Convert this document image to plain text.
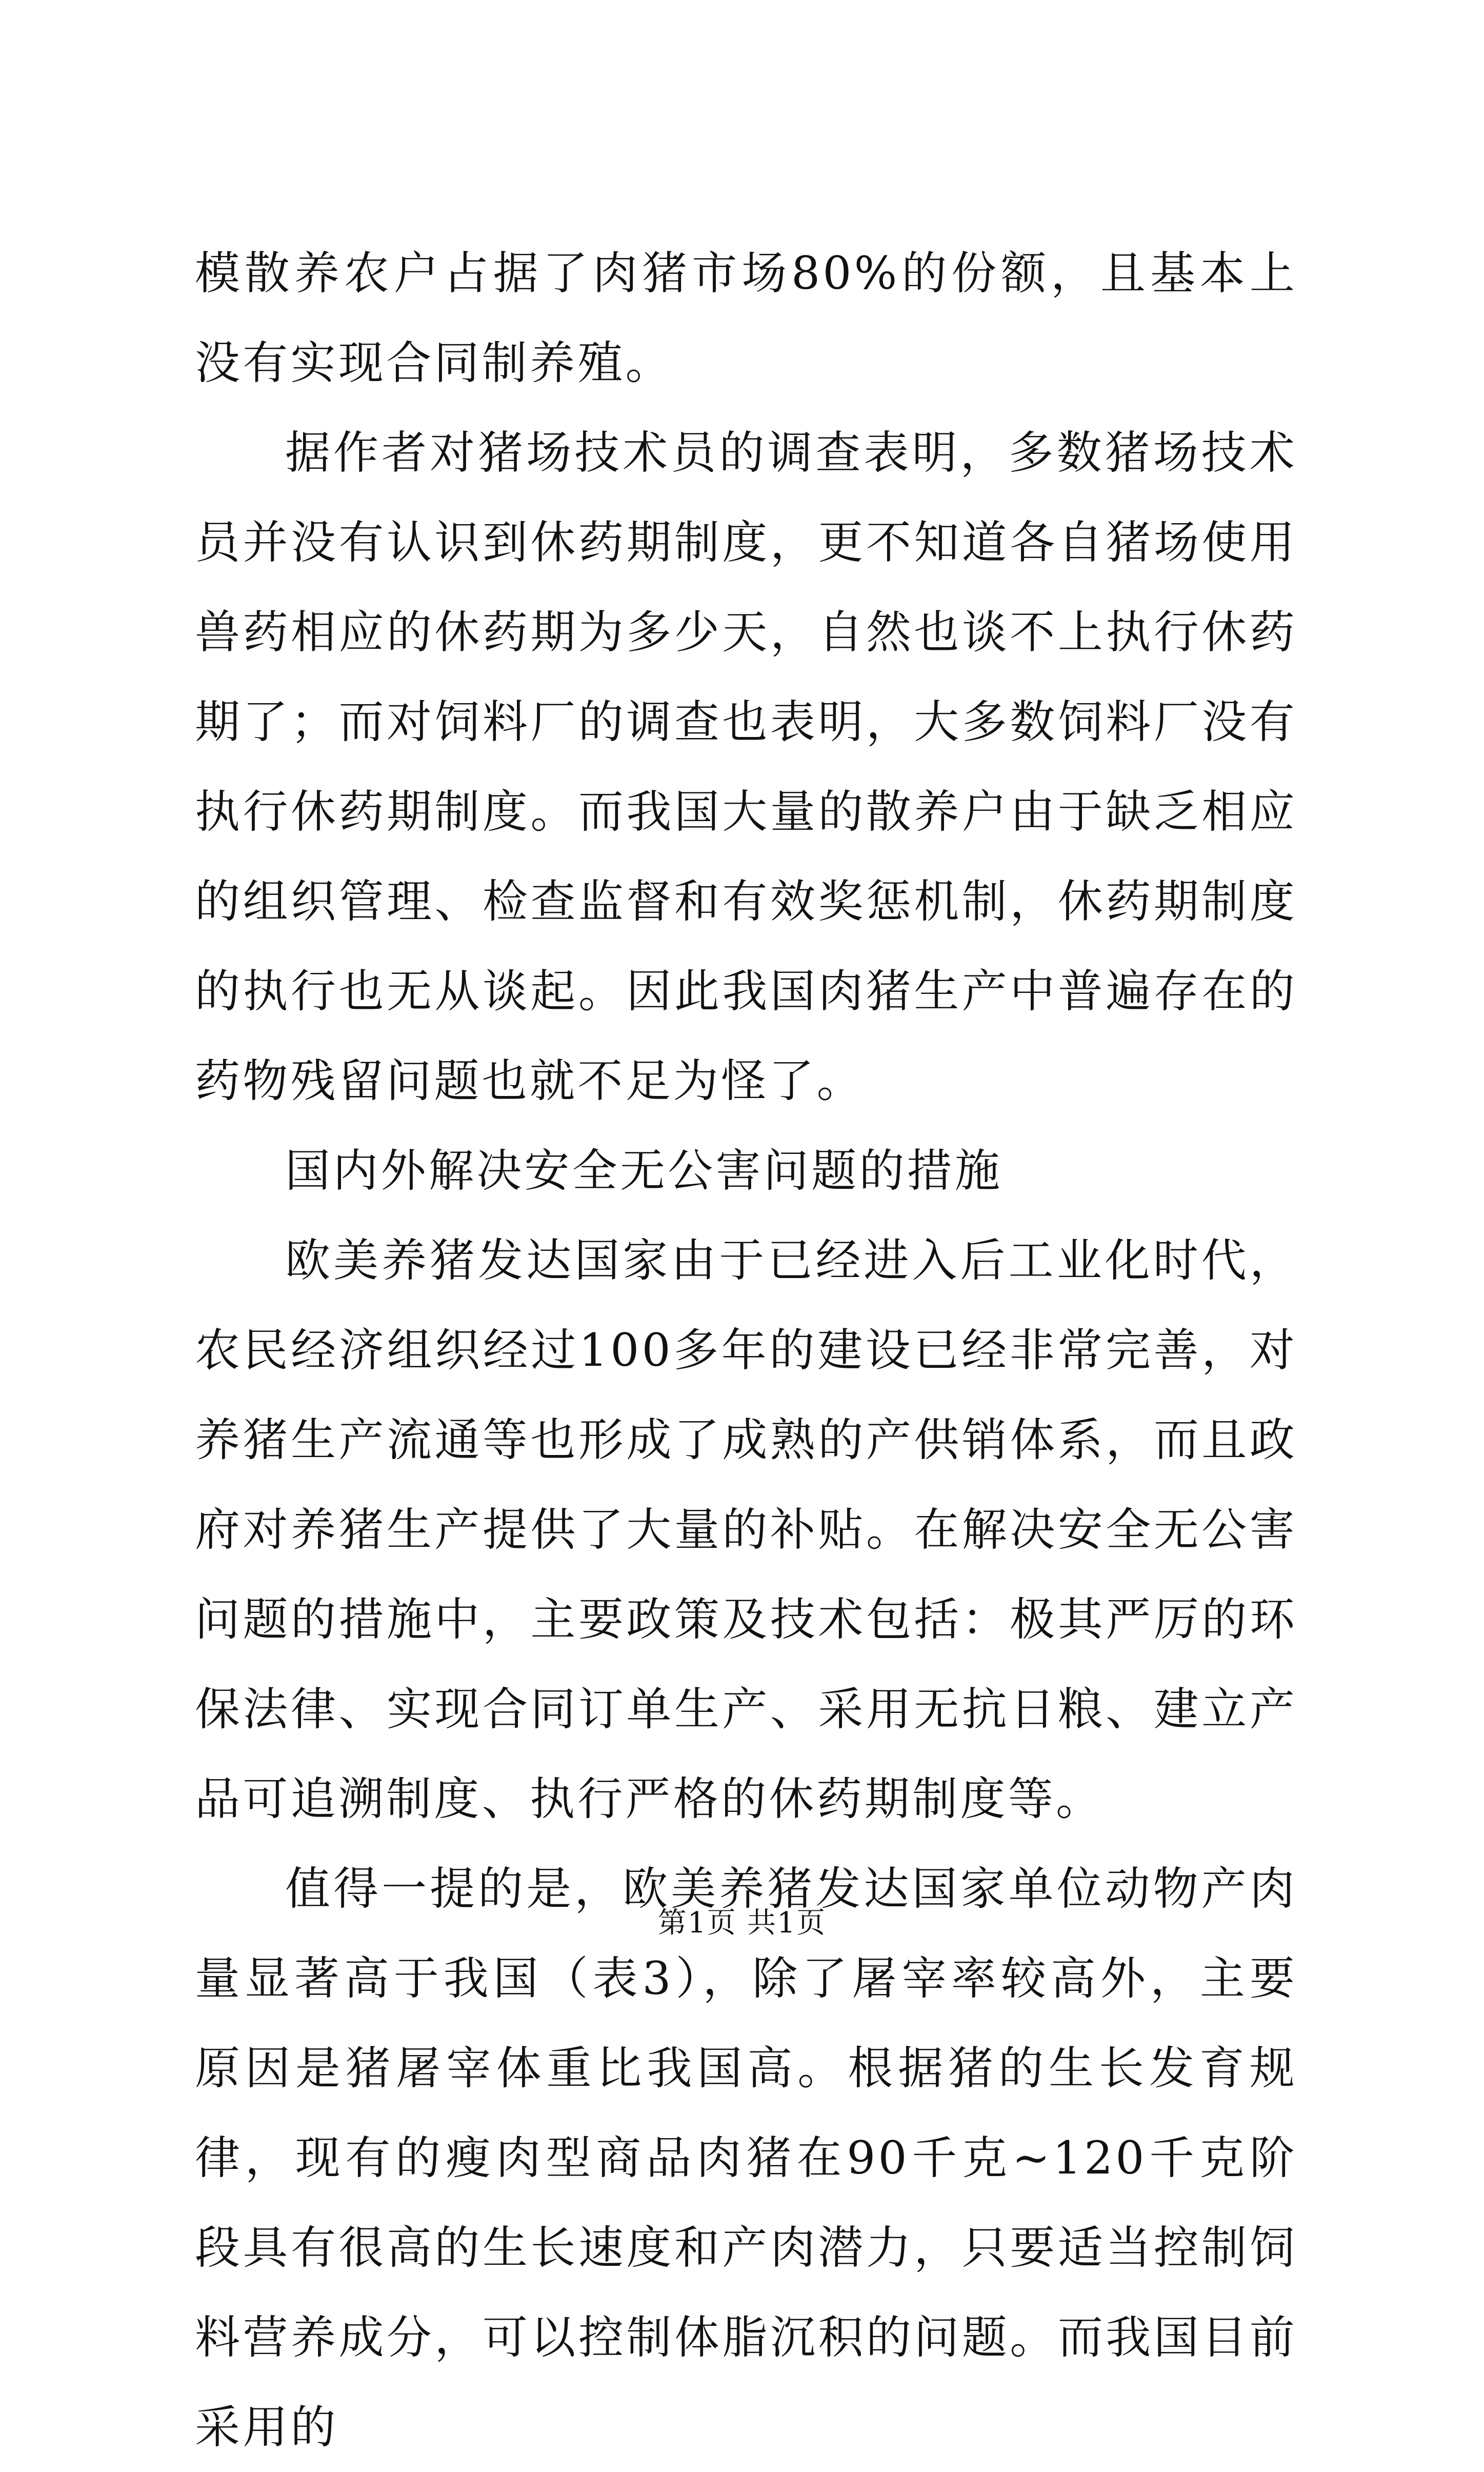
模散养农户占据了肉猪市场80%的份额，且基本上没有实现合同制养殖。

据作者对猪场技术员的调查表明，多数猪场技术员并没有认识到休药期制度，更不知道各自猪场使用兽药相应的休药期为多少天，自然也谈不上执行休药期了；而对饲料厂的调查也表明，大多数饲料厂没有执行休药期制度。而我国大量的散养户由于缺乏相应的组织管理、检查监督和有效奖惩机制，休药期制度的执行也无从谈起。因此我国肉猪生产中普遍存在的药物残留问题也就不足为怪了。

国内外解决安全无公害问题的措施

欧美养猪发达国家由于已经进入后工业化时代，农民经济组织经过100多年的建设已经非常完善，对养猪生产流通等也形成了成熟的产供销体系，而且政府对养猪生产提供了大量的补贴。在解决安全无公害问题的措施中，主要政策及技术包括：极其严厉的环保法律、实现合同订单生产、采用无抗日粮、建立产品可追溯制度、执行严格的休药期制度等。

值得一提的是，欧美养猪发达国家单位动物产肉量显著高于我国（表3），除了屠宰率较高外，主要原因是猪屠宰体重比我国高。根据猪的生长发育规律，现有的瘦肉型商品肉猪在90千克~120千克阶段具有很高的生长速度和产肉潜力，只要适当控制饲料营养成分，可以控制体脂沉积的问题。而我国目前采用的

第1页 共1页
